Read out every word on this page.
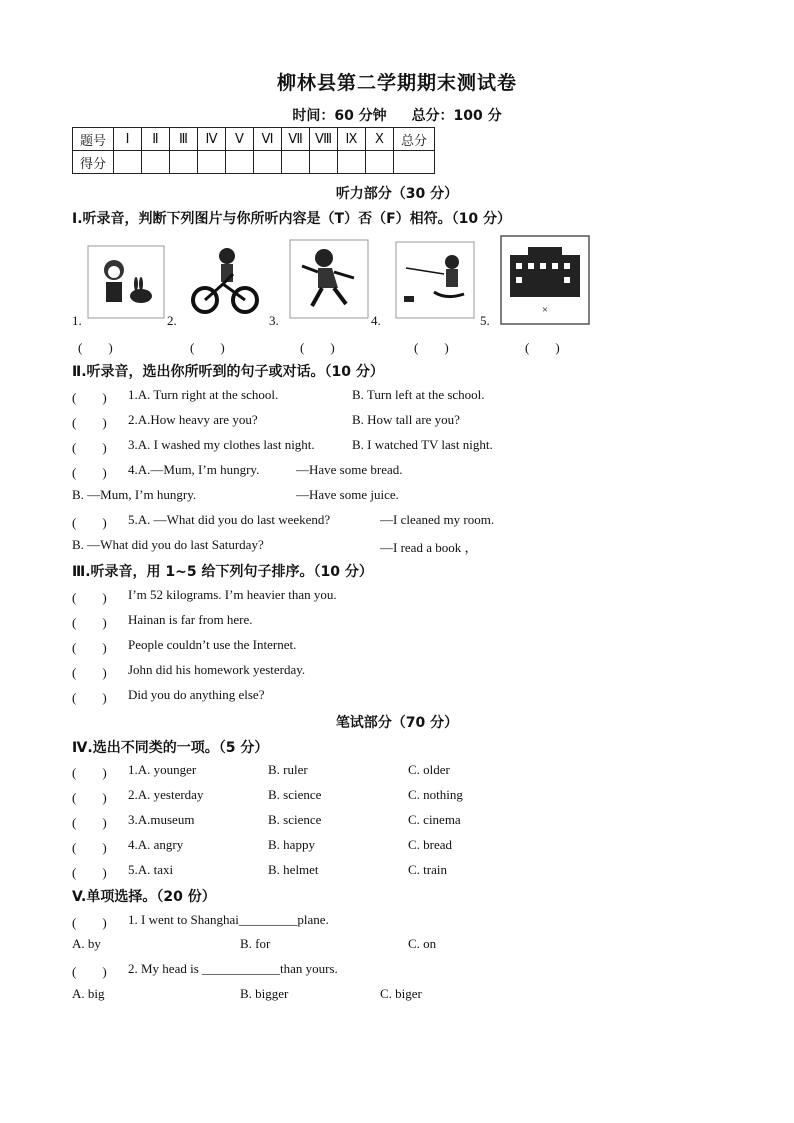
柳林县第二学期期末测试卷
时间：60 分钟 总分：100 分
题号	Ⅰ	Ⅱ	Ⅲ	Ⅳ	Ⅴ	Ⅵ	Ⅶ	Ⅷ	Ⅸ	Ⅹ	总分
得分											
听力部分（30 分）
Ⅰ.听录音，判断下列图片与你所听内容是（T）否（F）相符。（10 分）
×
1.	2.	3.	4.	5.
(　　)	(　　)	(　　)	(　　)	(　　)
Ⅱ.听录音，选出你所听到的句子或对话。（10 分）
(　　) 1.A. Turn right at the school.	B. Turn left at the school.
(　　) 2.A.How heavy are you?	B. How tall are you?
(　　) 3.A. I washed my clothes last night.	B. I watched TV last night.
(　　) 4.A.—Mum, I’m hungry.	—Have some bread.
B. —Mum, I’m hungry.	—Have some juice.
(　　) 5.A. —What did you do last weekend?	—I cleaned my room.
B. —What did you do last Saturday?	—I read a book ，
Ⅲ.听录音，用 1~5 给下列句子排序。（10 分）
(　　) I’m 52 kilograms. I’m heavier than you.
(　　) Hainan is far from here.
(　　) People couldn’t use the Internet.
(　　) John did his homework yesterday.
(　　) Did you do anything else?
笔试部分（70 分）
Ⅳ.选出不同类的一项。（5 分）
(　　) 1.A. younger	B. ruler	C. older
(　　) 2.A. yesterday	B. science	C. nothing
(　　) 3.A.museum	B. science	C. cinema
(　　) 4.A. angry	B. happy	C. bread
(　　) 5.A. taxi	B. helmet	C. train
V.单项选择。（20 份）
(　　) 1. I went to Shanghai_________plane.
A. by	B. for	C. on
(　　) 2. My head is ____________than yours.
A. big	B. bigger	C. biger
